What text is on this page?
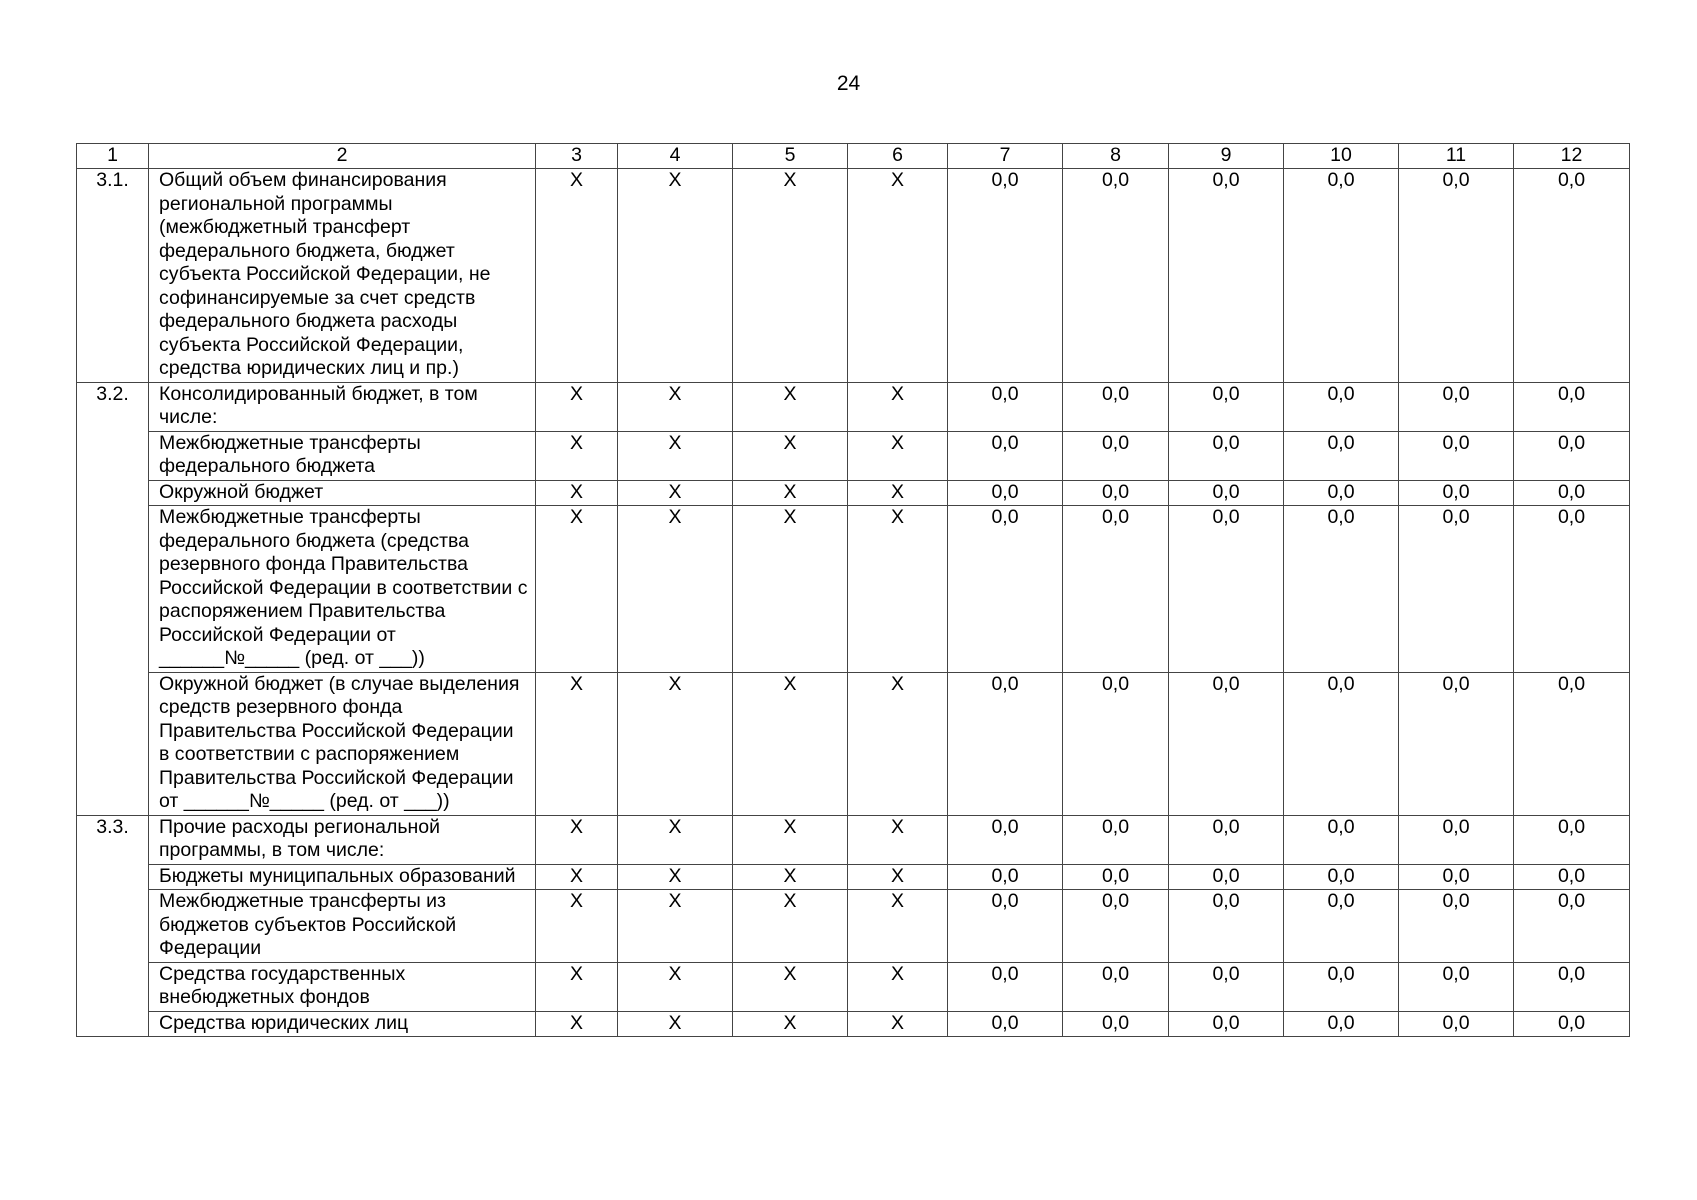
24
1	2	3	4	5	6	7	8	9	10	11	12
3.1.	Общий объем финансирования региональной программы (межбюджетный трансферт федерального бюджета, бюджет субъекта Российской Федерации, не софинансируемые за счет средств федерального бюджета расходы субъекта Российской Федерации, средства юридических лиц и пр.)	Х	Х	Х	Х	0,0	0,0	0,0	0,0	0,0	0,0
3.2.	Консолидированный бюджет, в том числе:	Х	Х	Х	Х	0,0	0,0	0,0	0,0	0,0	0,0
	Межбюджетные трансферты федерального бюджета	Х	Х	Х	Х	0,0	0,0	0,0	0,0	0,0	0,0
	Окружной бюджет	Х	Х	Х	Х	0,0	0,0	0,0	0,0	0,0	0,0
	Межбюджетные трансферты федерального бюджета (средства резервного фонда Правительства Российской Федерации в соответствии с распоряжением Правительства Российской Федерации от ______№_____ (ред. от ___))	Х	Х	Х	Х	0,0	0,0	0,0	0,0	0,0	0,0
	Окружной бюджет (в случае выделения средств резервного фонда Правительства Российской Федерации в соответствии с распоряжением Правительства Российской Федерации от ______№_____ (ред. от ___))	Х	Х	Х	Х	0,0	0,0	0,0	0,0	0,0	0,0
3.3.	Прочие расходы региональной программы, в том числе:	Х	Х	Х	Х	0,0	0,0	0,0	0,0	0,0	0,0
	Бюджеты муниципальных образований	Х	Х	Х	Х	0,0	0,0	0,0	0,0	0,0	0,0
	Межбюджетные трансферты из бюджетов субъектов Российской Федерации	Х	Х	Х	Х	0,0	0,0	0,0	0,0	0,0	0,0
	Средства государственных внебюджетных фондов	Х	Х	Х	Х	0,0	0,0	0,0	0,0	0,0	0,0
	Средства юридических лиц	Х	Х	Х	Х	0,0	0,0	0,0	0,0	0,0	0,0
